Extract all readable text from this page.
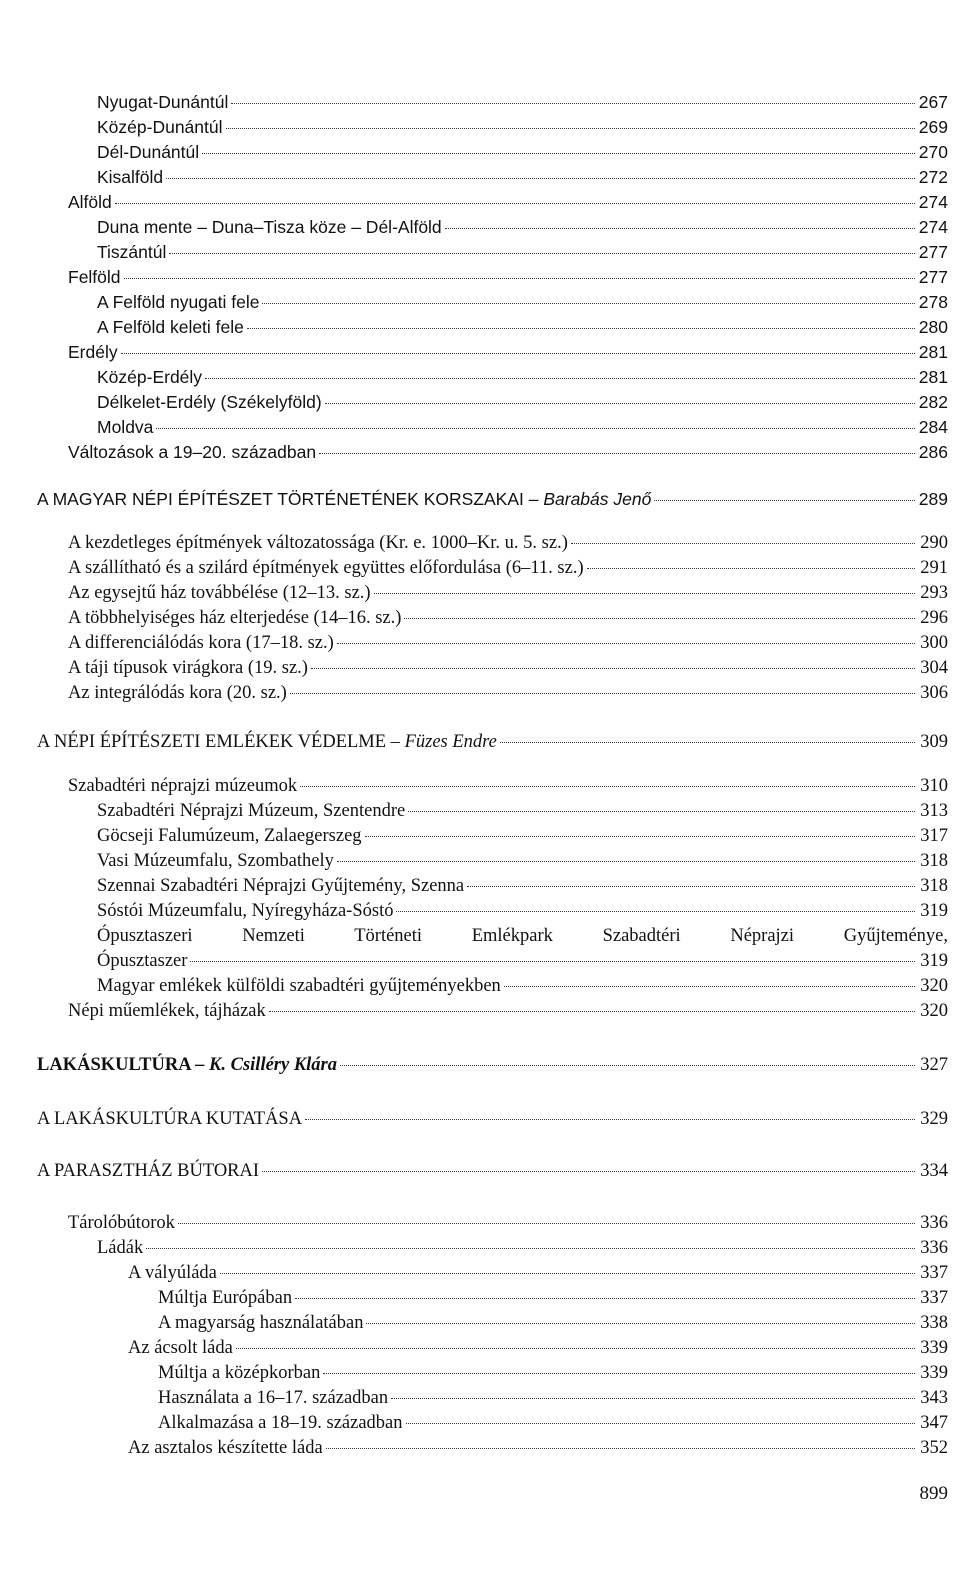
Nyugat-Dunántúl	267
Közép-Dunántúl	269
Dél-Dunántúl	270
Kisalföld	272
Alföld	274
Duna mente – Duna–Tisza köze – Dél-Alföld	274
Tiszántúl	277
Felföld	277
A Felföld nyugati fele	278
A Felföld keleti fele	280
Erdély	281
Közép-Erdély	281
Délkelet-Erdély (Székelyföld)	282
Moldva	284
Változások a 19–20. században	286
A MAGYAR NÉPI ÉPÍTÉSZET TÖRTÉNETÉNEK KORSZAKAI – Barabás Jenő	289
A kezdetleges építmények változatossága (Kr. e. 1000–Kr. u. 5. sz.)	290
A szállítható és a szilárd építmények együttes előfordulása (6–11. sz.)	291
Az egysejtű ház továbbélése (12–13. sz.)	293
A többhelyiséges ház elterjedése (14–16. sz.)	296
A differenciálódás kora (17–18. sz.)	300
A táji típusok virágkora (19. sz.)	304
Az integrálódás kora (20. sz.)	306
A NÉPI ÉPÍTÉSZETI EMLÉKEK VÉDELME – Füzes Endre	309
Szabadtéri néprajzi múzeumok	310
Szabadtéri Néprajzi Múzeum, Szentendre	313
Göcseji Falumúzeum, Zalaegerszeg	317
Vasi Múzeumfalu, Szombathely	318
Szennai Szabadtéri Néprajzi Gyűjtemény, Szenna	318
Sóstói Múzeumfalu, Nyíregyháza-Sóstó	319
Ópusztaszeri Nemzeti Történeti Emlékpark Szabadtéri Néprajzi Gyűjteménye,
Ópusztaszer	319
Magyar emlékek külföldi szabadtéri gyűjteményekben	320
Népi műemlékek, tájházak	320
LAKÁSKULTÚRA – K. Csilléry Klára	327
A LAKÁSKULTÚRA KUTATÁSA	329
A PARASZTHÁZ BÚTORAI	334
Tárolóbútorok	336
Ládák	336
A vályúláda	337
Múltja Európában	337
A magyarság használatában	338
Az ácsolt láda	339
Múltja a középkorban	339
Használata a 16–17. században	343
Alkalmazása a 18–19. században	347
Az asztalos készítette láda	352
899
